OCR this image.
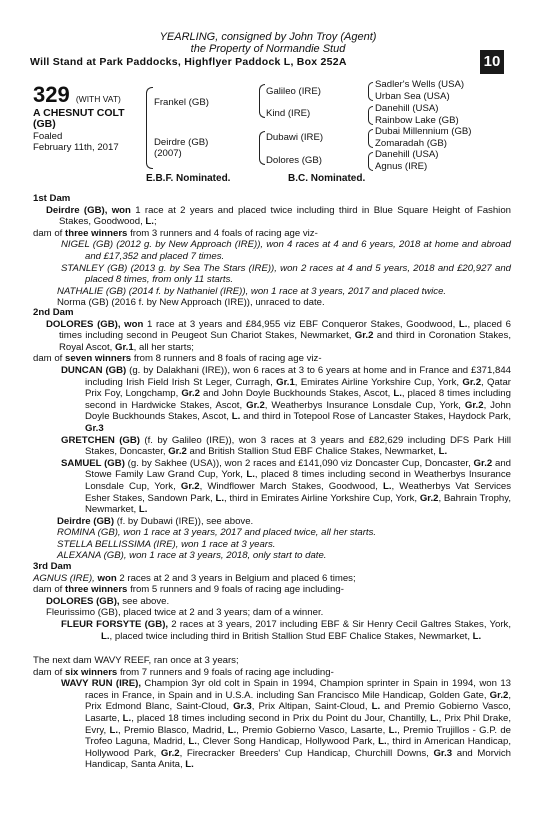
YEARLING, consigned by John Troy (Agent)
the Property of Normandie Stud
Will Stand at Park Paddocks, Highflyer Paddock L, Box 252A	10
329 (WITH VAT)
A CHESNUT COLT
(GB)
Foaled
February 11th, 2017
Frankel (GB)
Deirdre (GB)
(2007)
Galileo (IRE)
Kind (IRE)
Dubawi (IRE)
Dolores (GB)
Sadler's Wells (USA)
Urban Sea (USA)
Danehill (USA)
Rainbow Lake (GB)
Dubai Millennium (GB)
Zomaradah (GB)
Danehill (USA)
Agnus (IRE)
E.B.F. Nominated.	B.C. Nominated.

1st Dam

Deirdre (GB), won 1 race at 2 years and placed twice including third in Blue Square Height of Fashion Stakes, Goodwood, L.;

dam of three winners from 3 runners and 4 foals of racing age viz-

NIGEL (GB) (2012 g. by New Approach (IRE)), won 4 races at 4 and 6 years, 2018 at home and abroad and £17,352 and placed 7 times.

STANLEY (GB) (2013 g. by Sea The Stars (IRE)), won 2 races at 4 and 5 years, 2018 and £20,927 and placed 8 times, from only 11 starts.

NATHALIE (GB) (2014 f. by Nathaniel (IRE)), won 1 race at 3 years, 2017 and placed twice.

Norma (GB) (2016 f. by New Approach (IRE)), unraced to date.

2nd Dam

DOLORES (GB), won 1 race at 3 years and £84,955 viz EBF Conqueror Stakes, Goodwood, L., placed 6 times including second in Peugeot Sun Chariot Stakes, Newmarket, Gr.2 and third in Coronation Stakes, Royal Ascot, Gr.1, all her starts;

dam of seven winners from 8 runners and 8 foals of racing age viz-

DUNCAN (GB) (g. by Dalakhani (IRE)), won 6 races at 3 to 6 years at home and in France and £371,844 including Irish Field Irish St Leger, Curragh, Gr.1, Emirates Airline Yorkshire Cup, York, Gr.2, Qatar Prix Foy, Longchamp, Gr.2 and John Doyle Buckhounds Stakes, Ascot, L., placed 8 times including second in Hardwicke Stakes, Ascot, Gr.2, Weatherbys Insurance Lonsdale Cup, York, Gr.2, John Doyle Buckhounds Stakes, Ascot, L. and third in Totepool Rose of Lancaster Stakes, Haydock Park, Gr.3

GRETCHEN (GB) (f. by Galileo (IRE)), won 3 races at 3 years and £82,629 including DFS Park Hill Stakes, Doncaster, Gr.2 and British Stallion Stud EBF Chalice Stakes, Newmarket, L.

SAMUEL (GB) (g. by Sakhee (USA)), won 2 races and £141,090 viz Doncaster Cup, Doncaster, Gr.2 and Stowe Family Law Grand Cup, York, L., placed 8 times including second in Weatherbys Insurance Lonsdale Cup, York, Gr.2, Windflower March Stakes, Goodwood, L., Weatherbys Vat Services Esher Stakes, Sandown Park, L., third in Emirates Airline Yorkshire Cup, York, Gr.2, Bahrain Trophy, Newmarket, L.

Deirdre (GB) (f. by Dubawi (IRE)), see above.

ROMINA (GB), won 1 race at 3 years, 2017 and placed twice, all her starts.

STELLA BELLISSIMA (IRE), won 1 race at 3 years.

ALEXANA (GB), won 1 race at 3 years, 2018, only start to date.

3rd Dam

AGNUS (IRE), won 2 races at 2 and 3 years in Belgium and placed 6 times;

dam of three winners from 5 runners and 9 foals of racing age including-

DOLORES (GB), see above.

Fleurissimo (GB), placed twice at 2 and 3 years; dam of a winner.

FLEUR FORSYTE (GB), 2 races at 3 years, 2017 including EBF & Sir Henry Cecil Galtres Stakes, York, L., placed twice including third in British Stallion Stud EBF Chalice Stakes, Newmarket, L.

The next dam WAVY REEF, ran once at 3 years;

dam of six winners from 7 runners and 9 foals of racing age including-

WAVY RUN (IRE), Champion 3yr old colt in Spain in 1994, Champion sprinter in Spain in 1994, won 13 races in France, in Spain and in U.S.A. including San Francisco Mile Handicap, Golden Gate, Gr.2, Prix Edmond Blanc, Saint-Cloud, Gr.3, Prix Altipan, Saint-Cloud, L. and Premio Gobierno Vasco, Lasarte, L., placed 18 times including second in Prix du Point du Jour, Chantilly, L., Prix Phil Drake, Evry, L., Premio Blasco, Madrid, L., Premio Gobierno Vasco, Lasarte, L., Premio Trujillos - G.P. de Trofeo Laguna, Madrid, L., Clever Song Handicap, Hollywood Park, L., third in American Handicap, Hollywood Park, Gr.2, Firecracker Breeders' Cup Handicap, Churchill Downs, Gr.3 and Morvich Handicap, Santa Anita, L.
